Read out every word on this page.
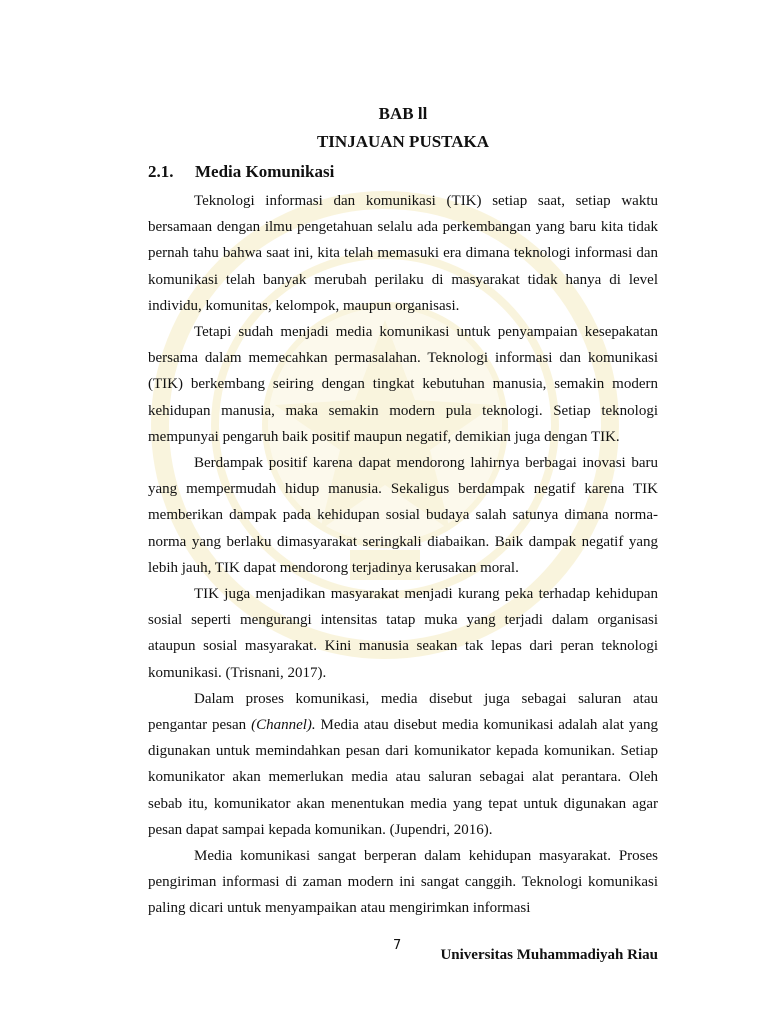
BAB ll
TINJAUAN PUSTAKA
2.1.	Media Komunikasi

Teknologi informasi dan komunikasi (TIK) setiap saat, setiap waktu bersamaan dengan ilmu pengetahuan selalu ada perkembangan yang baru kita tidak pernah tahu bahwa saat ini, kita telah memasuki era dimana teknologi informasi dan komunikasi telah banyak merubah perilaku di masyarakat tidak hanya di level individu, komunitas, kelompok, maupun organisasi.

Tetapi sudah menjadi media komunikasi untuk penyampaian kesepakatan bersama dalam memecahkan permasalahan. Teknologi informasi dan komunikasi (TIK) berkembang seiring dengan tingkat kebutuhan manusia, semakin modern kehidupan manusia, maka semakin modern pula teknologi. Setiap teknologi mempunyai pengaruh baik positif maupun negatif, demikian juga dengan TIK.

Berdampak positif karena dapat mendorong lahirnya berbagai inovasi baru yang mempermudah hidup manusia. Sekaligus berdampak negatif karena TIK memberikan dampak pada kehidupan sosial budaya salah satunya dimana norma-norma yang berlaku dimasyarakat seringkali diabaikan. Baik dampak negatif yang lebih jauh, TIK dapat mendorong terjadinya kerusakan moral.

TIK juga menjadikan masyarakat menjadi kurang peka terhadap kehidupan sosial seperti mengurangi intensitas tatap muka yang terjadi dalam organisasi ataupun sosial masyarakat. Kini manusia seakan tak lepas dari peran teknologi komunikasi. (Trisnani, 2017).

Dalam proses komunikasi, media disebut juga sebagai saluran atau pengantar pesan (Channel). Media atau disebut media komunikasi adalah alat yang digunakan untuk memindahkan pesan dari komunikator kepada komunikan. Setiap komunikator akan memerlukan media atau saluran sebagai alat perantara. Oleh sebab itu, komunikator akan menentukan media yang tepat untuk digunakan agar pesan dapat sampai kepada komunikan. (Jupendri, 2016).

Media komunikasi sangat berperan dalam kehidupan masyarakat. Proses pengiriman informasi di zaman modern ini sangat canggih. Teknologi komunikasi paling dicari untuk menyampaikan atau mengirimkan informasi

7
Universitas Muhammadiyah Riau
